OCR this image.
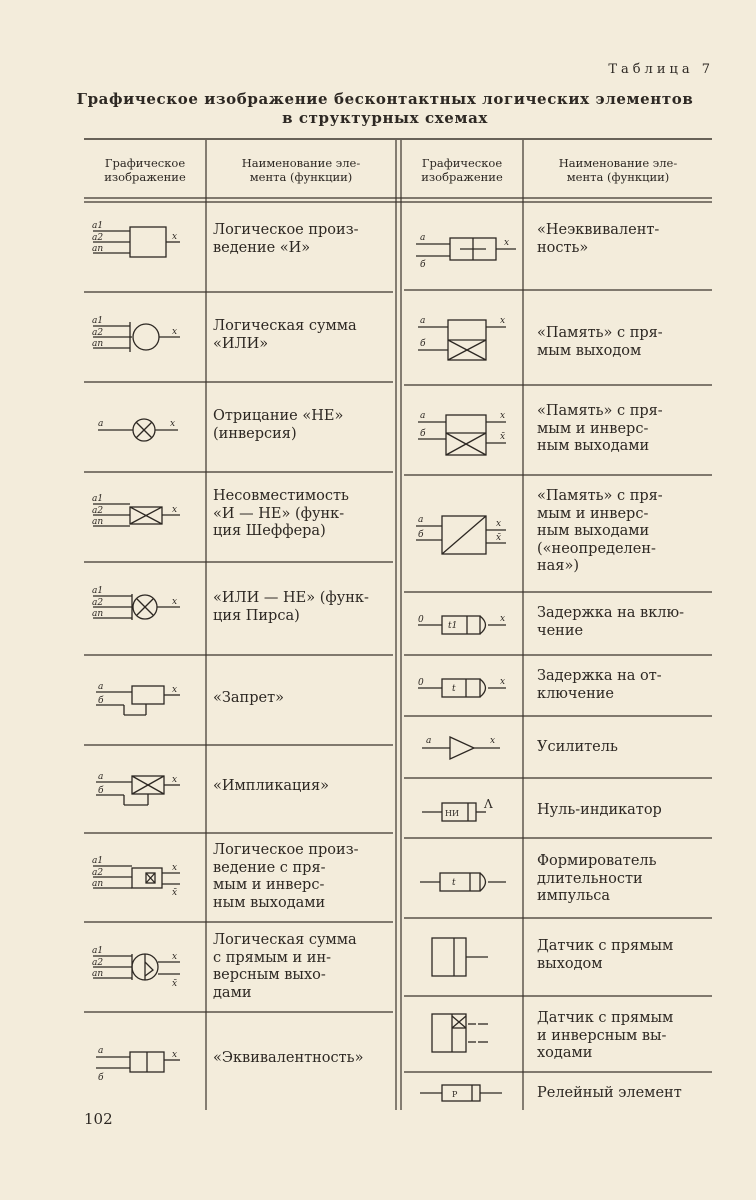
Таблица 7
Графическое изображение бесконтактных логических элементов
в структурных схемах
Графическое
изображение
Наименование эле-
мента (функции)
Графическое
изображение
Наименование эле-
мента (функции)
Логическое произ-
ведение «И»
Логическая сумма
«ИЛИ»
Отрицание «НЕ»
(инверсия)
Несовместимость
«И — НЕ» (функ-
ция Шеффера)
«ИЛИ — НЕ» (функ-
ция Пирса)
«Запрет»
«Импликация»
Логическое произ-
ведение с пря-
мым и инверс-
ным выходами
Логическая сумма
с прямым и ин-
версным выхо-
дами
«Эквивалентность»
«Неэквивалент-
ность»
«Память» с пря-
мым выходом
«Память» с пря-
мым и инверс-
ным выходами
«Память» с пря-
мым и инверс-
ным выходами
(«неопределен-
ная»)
Задержка на вклю-
чение
Задержка на от-
ключение
Усилитель
Нуль-индикатор
Формирователь
длительности
импульса
Датчик с прямым
выходом
Датчик с прямым
и инверсным вы-
ходами
Релейный элемент
a1
a2
an
x
a1
a2
an
x
a	x
a1
a2
an
x
a1
a2
an
x
a
б
x
a
б
x
a1
a2
an
x
x̄
a1
a2
an
x
x̄
a
б
x
a
б
x
a
б
x
a
б
x
x̄
a
б
x
x̄
0
t1
x
0
t
x
a	x
НИ
Λ
t
Р
102
